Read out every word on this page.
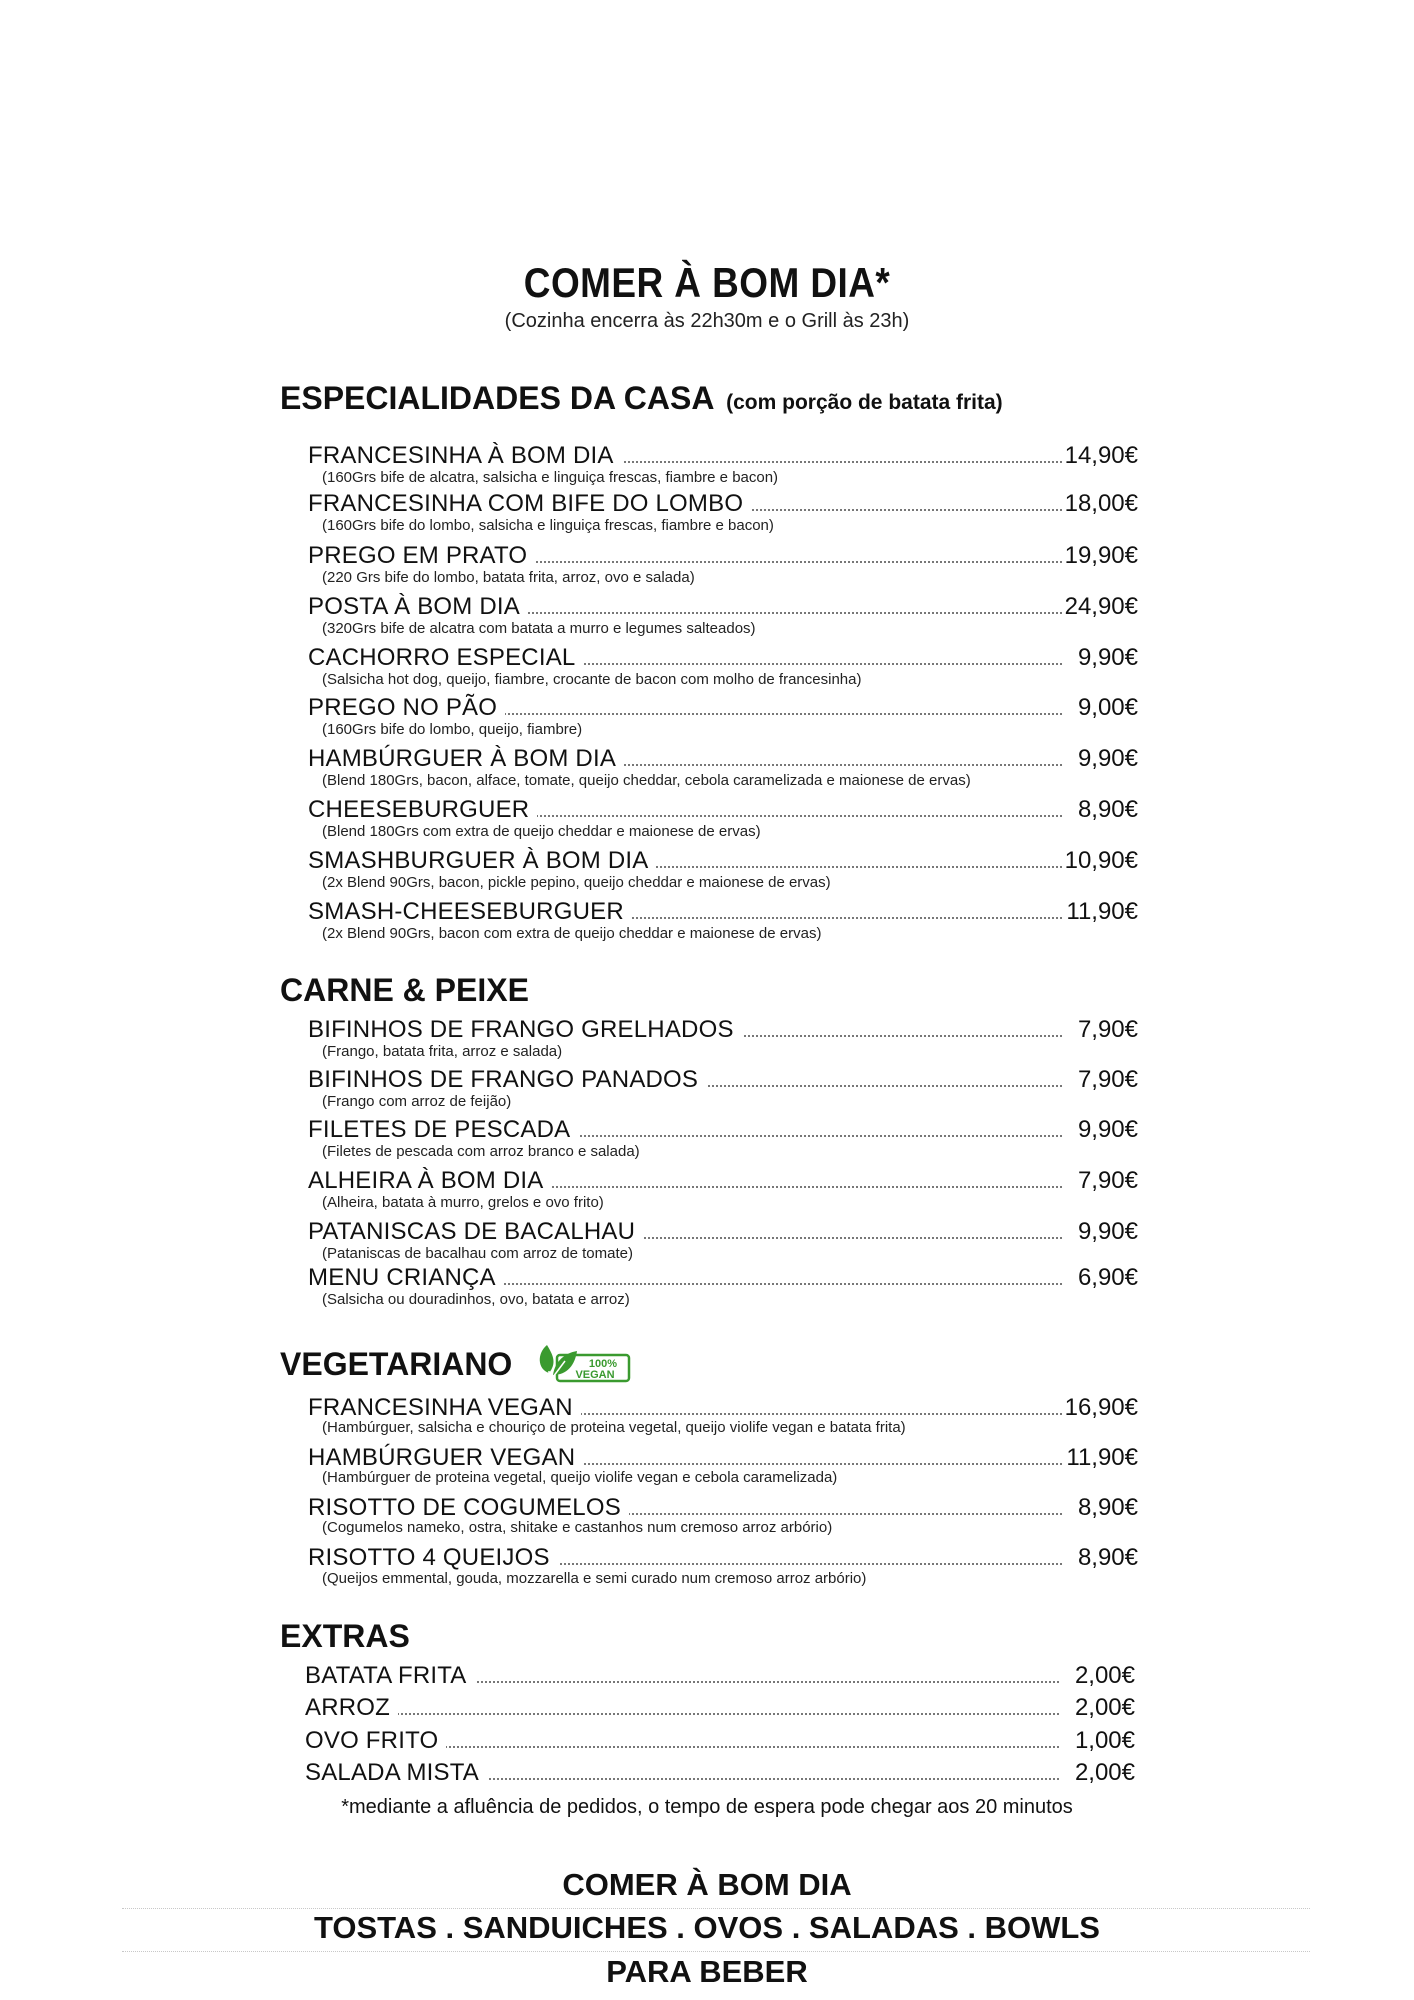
COMER À BOM DIA*
(Cozinha encerra às 22h30m e o Grill às 23h)
ESPECIALIDADES DA CASA (com porção de batata frita)
FRANCESINHA À BOM DIA	14,90€
(160Grs bife de alcatra, salsicha e linguiça frescas, fiambre e bacon)
FRANCESINHA COM BIFE DO LOMBO	18,00€
(160Grs bife do lombo, salsicha e linguiça frescas, fiambre e bacon)
PREGO EM PRATO	19,90€
(220 Grs bife do lombo, batata frita, arroz, ovo e salada)
POSTA À BOM DIA	24,90€
(320Grs bife de alcatra com batata a murro e legumes salteados)
CACHORRO ESPECIAL	9,90€
(Salsicha hot dog, queijo, fiambre, crocante de bacon com molho de francesinha)
PREGO NO PÃO	9,00€
(160Grs bife do lombo, queijo, fiambre)
HAMBÚRGUER À BOM DIA	9,90€
(Blend 180Grs, bacon, alface, tomate, queijo cheddar, cebola caramelizada e maionese de ervas)
CHEESEBURGUER	8,90€
(Blend 180Grs com extra de queijo cheddar e maionese de ervas)
SMASHBURGUER À BOM DIA	10,90€
(2x Blend 90Grs, bacon, pickle pepino, queijo cheddar e maionese de ervas)
SMASH-CHEESEBURGUER	11,90€
(2x Blend 90Grs, bacon com extra de queijo cheddar e maionese de ervas)
CARNE & PEIXE
BIFINHOS DE FRANGO GRELHADOS	7,90€
(Frango, batata frita, arroz e salada)
BIFINHOS DE FRANGO PANADOS	7,90€
(Frango com arroz de feijão)
FILETES DE PESCADA	9,90€
(Filetes de pescada com arroz branco e salada)
ALHEIRA À BOM DIA	7,90€
(Alheira, batata à murro, grelos e ovo frito)
PATANISCAS DE BACALHAU	9,90€
(Pataniscas de bacalhau com arroz de tomate)
MENU CRIANÇA	6,90€
(Salsicha ou douradinhos, ovo, batata e arroz)
VEGETARIANO	100%
VEGAN
FRANCESINHA VEGAN	16,90€
(Hambúrguer, salsicha e chouriço de proteina vegetal, queijo violife vegan e batata frita)
HAMBÚRGUER VEGAN	11,90€
(Hambúrguer de proteina vegetal, queijo violife vegan e cebola caramelizada)
RISOTTO DE COGUMELOS	8,90€
(Cogumelos nameko, ostra, shitake e castanhos num cremoso arroz arbório)
RISOTTO 4 QUEIJOS	8,90€
(Queijos emmental, gouda, mozzarella e semi curado num cremoso arroz arbório)
EXTRAS
BATATA FRITA	2,00€
ARROZ	2,00€
OVO FRITO	1,00€
SALADA MISTA	2,00€
*mediante a afluência de pedidos, o tempo de espera pode chegar aos 20 minutos
COMER À BOM DIA
TOSTAS . SANDUICHES . OVOS . SALADAS . BOWLS
PARA BEBER
